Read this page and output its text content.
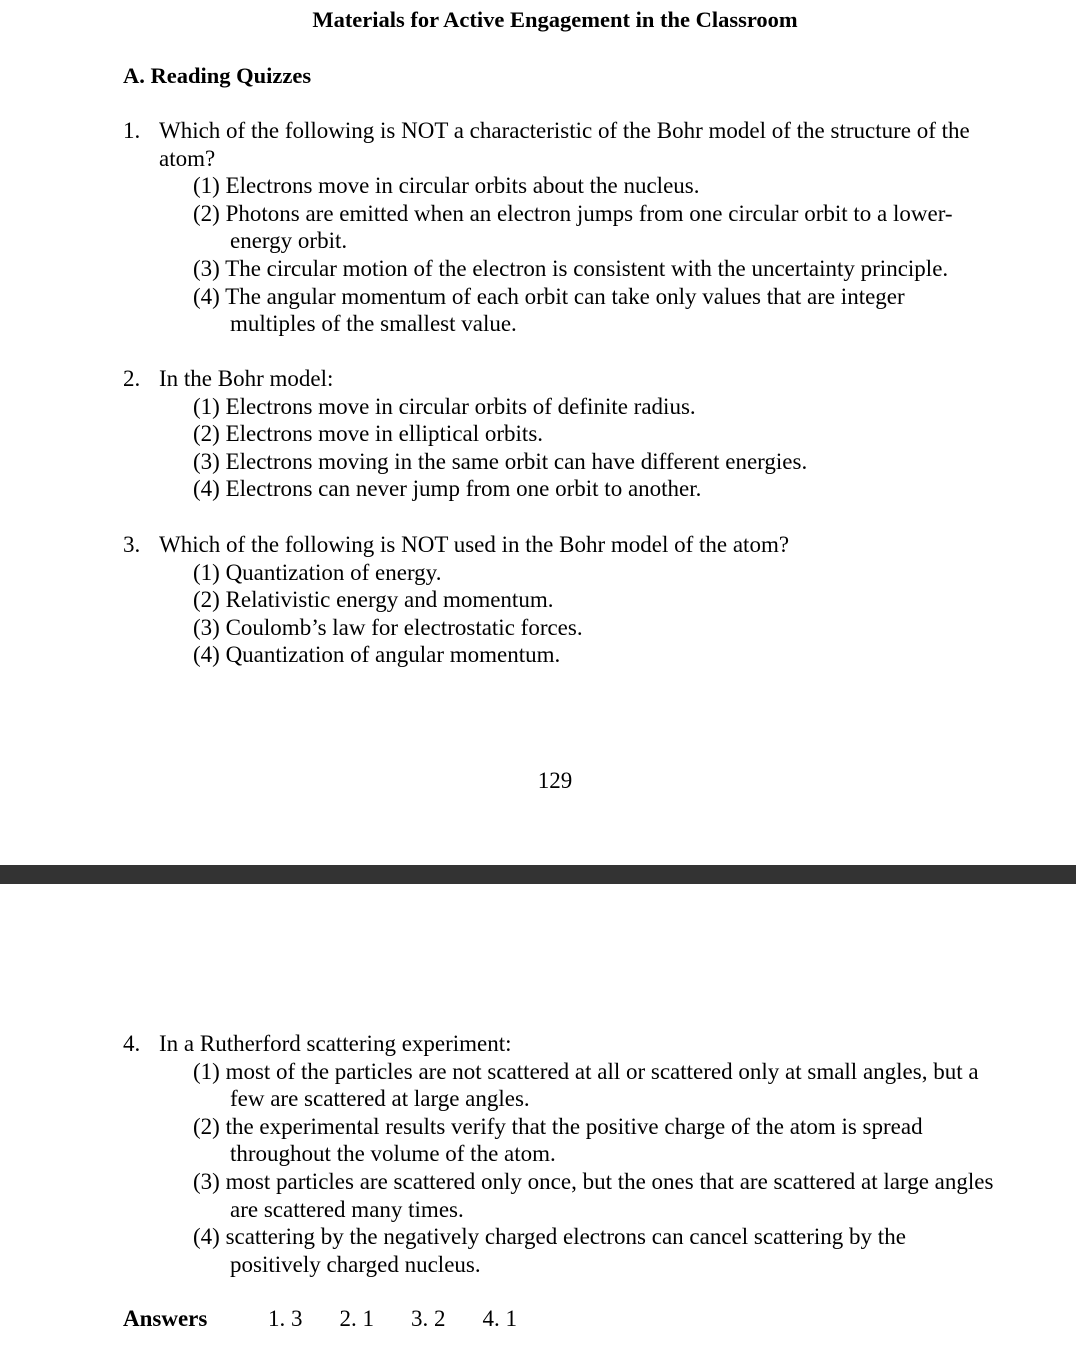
Materials for Active Engagement in the Classroom
A. Reading Quizzes
1. Which of the following is NOT a characteristic of the Bohr model of the structure of the atom?
(1) Electrons move in circular orbits about the nucleus.
(2) Photons are emitted when an electron jumps from one circular orbit to a lower-energy orbit.
(3) The circular motion of the electron is consistent with the uncertainty principle.
(4) The angular momentum of each orbit can take only values that are integer multiples of the smallest value.
2. In the Bohr model:
(1) Electrons move in circular orbits of definite radius.
(2) Electrons move in elliptical orbits.
(3) Electrons moving in the same orbit can have different energies.
(4) Electrons can never jump from one orbit to another.
3. Which of the following is NOT used in the Bohr model of the atom?
(1) Quantization of energy.
(2) Relativistic energy and momentum.
(3) Coulomb’s law for electrostatic forces.
(4) Quantization of angular momentum.
129
4. In a Rutherford scattering experiment:
(1) most of the particles are not scattered at all or scattered only at small angles, but a few are scattered at large angles.
(2) the experimental results verify that the positive charge of the atom is spread throughout the volume of the atom.
(3) most particles are scattered only once, but the ones that are scattered at large angles are scattered many times.
(4) scattering by the negatively charged electrons can cancel scattering by the positively charged nucleus.
Answers	1. 3 2. 1 3. 2 4. 1
